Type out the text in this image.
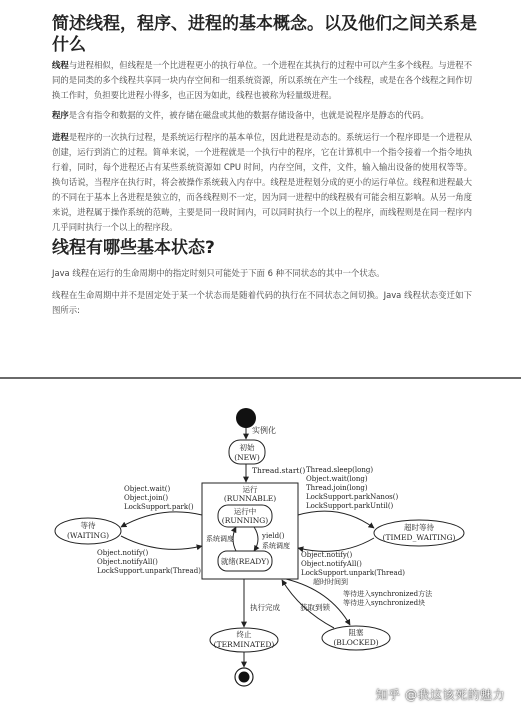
简述线程，程序、进程的基本概念。以及他们之间关系是什么
线程与进程相似，但线程是一个比进程更小的执行单位。一个进程在其执行的过程中可以产生多个线程。与进程不同的是同类的多个线程共享同一块内存空间和一组系统资源，所以系统在产生一个线程，或是在各个线程之间作切换工作时，负担要比进程小得多，也正因为如此，线程也被称为轻量级进程。
程序是含有指令和数据的文件，被存储在磁盘或其他的数据存储设备中，也就是说程序是静态的代码。
进程是程序的一次执行过程，是系统运行程序的基本单位，因此进程是动态的。系统运行一个程序即是一个进程从创建，运行到消亡的过程。简单来说，一个进程就是一个执行中的程序，它在计算机中一个指令接着一个指令地执行着，同时，每个进程还占有某些系统资源如 CPU 时间，内存空间，文件，文件，输入输出设备的使用权等等。换句话说，当程序在执行时，将会被操作系统载入内存中。线程是进程划分成的更小的运行单位。线程和进程最大的不同在于基本上各进程是独立的，而各线程则不一定，因为同一进程中的线程极有可能会相互影响。从另一角度来说，进程属于操作系统的范畴，主要是同一段时间内，可以同时执行一个以上的程序，而线程则是在同一程序内几乎同时执行一个以上的程序段。
线程有哪些基本状态?
Java 线程在运行的生命周期中的指定时刻只可能处于下面 6 种不同状态的其中一个状态。
线程在生命周期中并不是固定处于某一个状态而是随着代码的执行在不同状态之间切换。Java 线程状态变迁如下图所示:
实例化
初始
(NEW)
Thread.start()
运行
(RUNNABLE)
运行中
(RUNNING)
就绪(READY)
系统调度	yield()
系统调度
等待
(WAITING)
Object.wait()
Object.join()
LockSupport.park()
Object.notify()
Object.notifyAll()
LockSupport.unpark(Thread)
超时等待
(TIMED_WAITING)
Thread.sleep(long)
Object.wait(long)
Thread.join(long)
LockSupport.parkNanos()
LockSupport.parkUntil()
Object.notify()
Object.notifyAll()
LockSupport.unpark(Thread)
超时时间到
终止
(TERMINATED)
执行完成
阻塞
(BLOCKED)
等待进入synchronized方法
等待进入synchronized块
获取到锁
知乎 @我这该死的魅力
